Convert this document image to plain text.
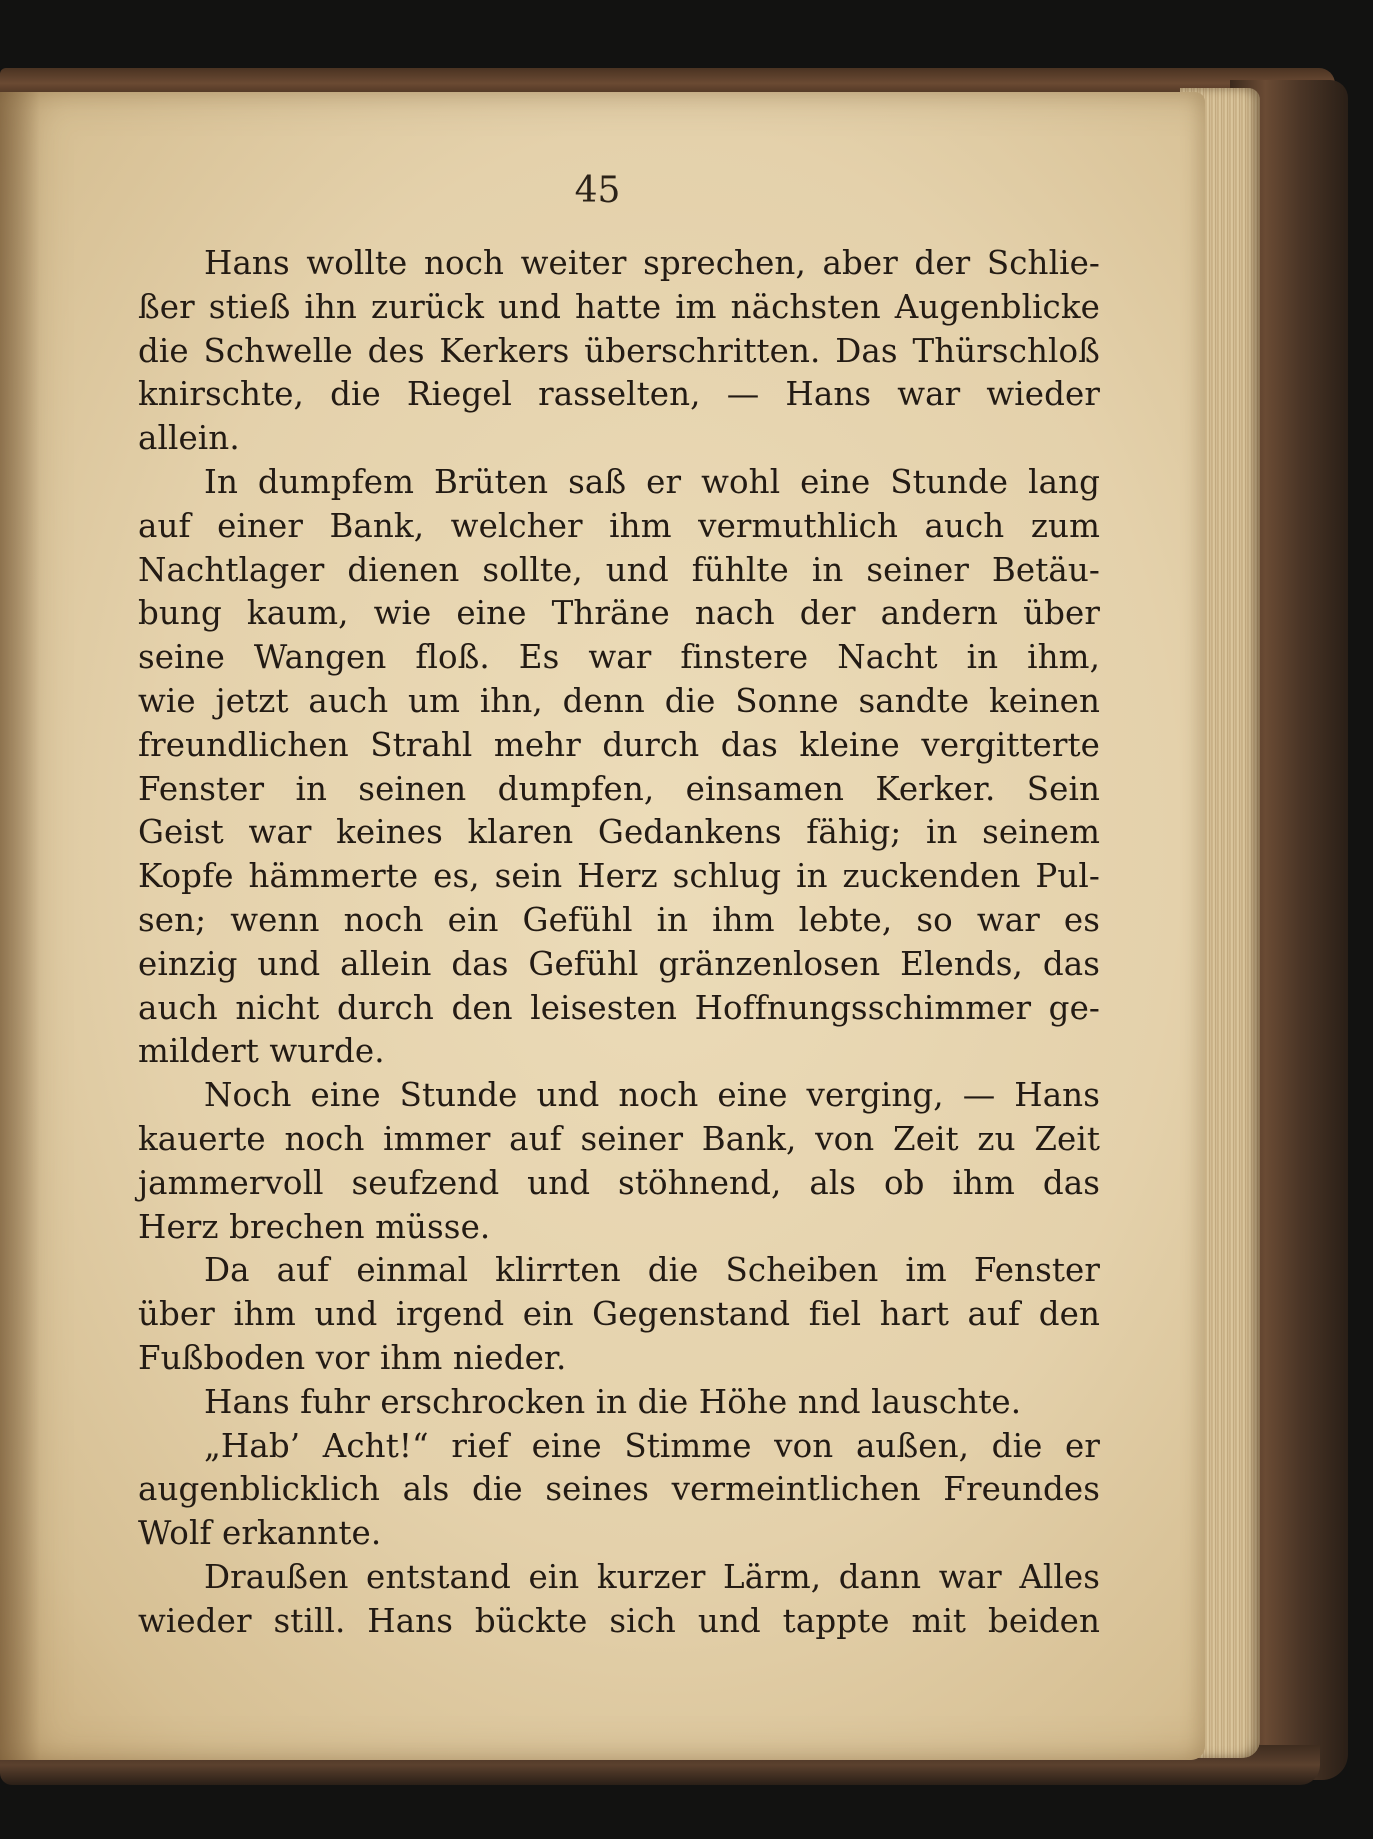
45
Hans wollte noch weiter sprechen, aber der Schlie-
ßer stieß ihn zurück und hatte im nächsten Augenblicke
die Schwelle des Kerkers überschritten. Das Thürschloß
knirschte, die Riegel rasselten, — Hans war wieder
allein.
In dumpfem Brüten saß er wohl eine Stunde lang
auf einer Bank, welcher ihm vermuthlich auch zum
Nachtlager dienen sollte, und fühlte in seiner Betäu-
bung kaum, wie eine Thräne nach der andern über
seine Wangen floß. Es war finstere Nacht in ihm,
wie jetzt auch um ihn, denn die Sonne sandte keinen
freundlichen Strahl mehr durch das kleine vergitterte
Fenster in seinen dumpfen, einsamen Kerker. Sein
Geist war keines klaren Gedankens fähig; in seinem
Kopfe hämmerte es, sein Herz schlug in zuckenden Pul-
sen; wenn noch ein Gefühl in ihm lebte, so war es
einzig und allein das Gefühl gränzenlosen Elends, das
auch nicht durch den leisesten Hoffnungsschimmer ge-
mildert wurde.
Noch eine Stunde und noch eine verging, — Hans
kauerte noch immer auf seiner Bank, von Zeit zu Zeit
jammervoll seufzend und stöhnend, als ob ihm das
Herz brechen müsse.
Da auf einmal klirrten die Scheiben im Fenster
über ihm und irgend ein Gegenstand fiel hart auf den
Fußboden vor ihm nieder.
Hans fuhr erschrocken in die Höhe nnd lauschte.
„Hab’ Acht!“ rief eine Stimme von außen, die er
augenblicklich als die seines vermeintlichen Freundes
Wolf erkannte.
Draußen entstand ein kurzer Lärm, dann war Alles
wieder still. Hans bückte sich und tappte mit beiden
